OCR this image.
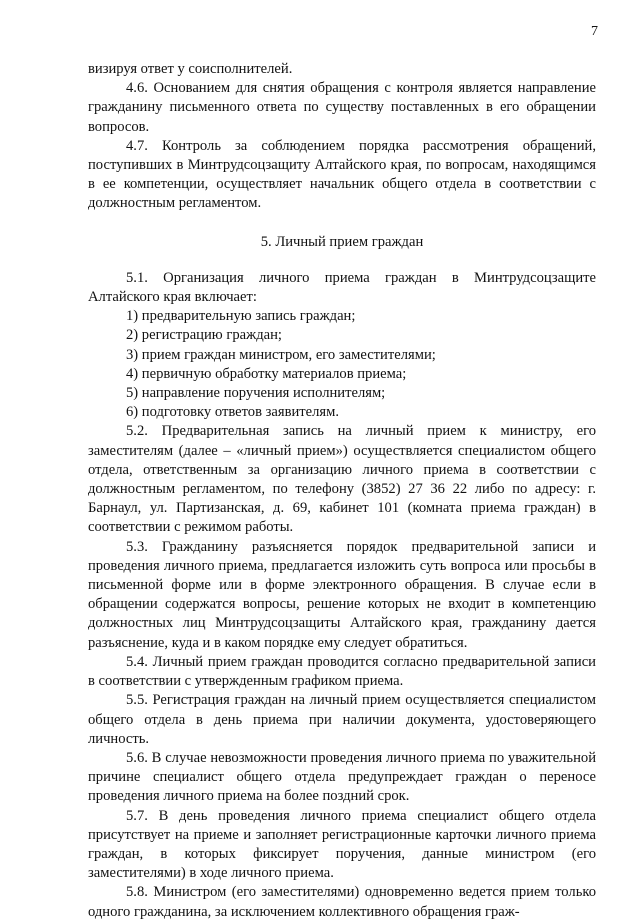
7

визируя ответ у соисполнителей.

4.6. Основанием для снятия обращения с контроля является направление гражданину письменного ответа по существу поставленных в его обращении вопросов.

4.7. Контроль за соблюдением порядка рассмотрения обращений, поступивших в Минтрудсоцзащиту Алтайского края, по вопросам, находящимся в ее компетенции, осуществляет начальник общего отдела в соответствии с должностным регламентом.

5. Личный прием граждан

5.1. Организация личного приема граждан в Минтрудсоцзащите Алтайского края включает:

1) предварительную запись граждан;

2) регистрацию граждан;

3) прием граждан министром, его заместителями;

4) первичную обработку материалов приема;

5) направление поручения исполнителям;

6) подготовку ответов заявителям.

5.2. Предварительная запись на личный прием к министру, его заместителям (далее – «личный прием») осуществляется специалистом общего отдела, ответственным за организацию личного приема в соответствии с должностным регламентом, по телефону (3852) 27 36 22 либо по адресу: г. Барнаул, ул. Партизанская, д. 69, кабинет 101 (комната приема граждан) в соответствии с режимом работы.

5.3. Гражданину разъясняется порядок предварительной записи и проведения личного приема, предлагается изложить суть вопроса или просьбы в письменной форме или в форме электронного обращения. В случае если в обращении содержатся вопросы, решение которых не входит в компетенцию должностных лиц Минтрудсоцзащиты Алтайского края, гражданину дается разъяснение, куда и в каком порядке ему следует обратиться.

5.4. Личный прием граждан проводится согласно предварительной записи в соответствии с утвержденным графиком приема.

5.5. Регистрация граждан на личный прием осуществляется специалистом общего отдела в день приема при наличии документа, удостоверяющего личность.

5.6. В случае невозможности проведения личного приема по уважительной причине специалист общего отдела предупреждает граждан о переносе проведения личного приема на более поздний срок.

5.7. В день проведения личного приема специалист общего отдела присутствует на приеме и заполняет регистрационные карточки личного приема граждан, в которых фиксирует поручения, данные министром (его заместителями) в ходе личного приема.

5.8. Министром (его заместителями) одновременно ведется прием только одного гражданина, за исключением коллективного обращения граж-
